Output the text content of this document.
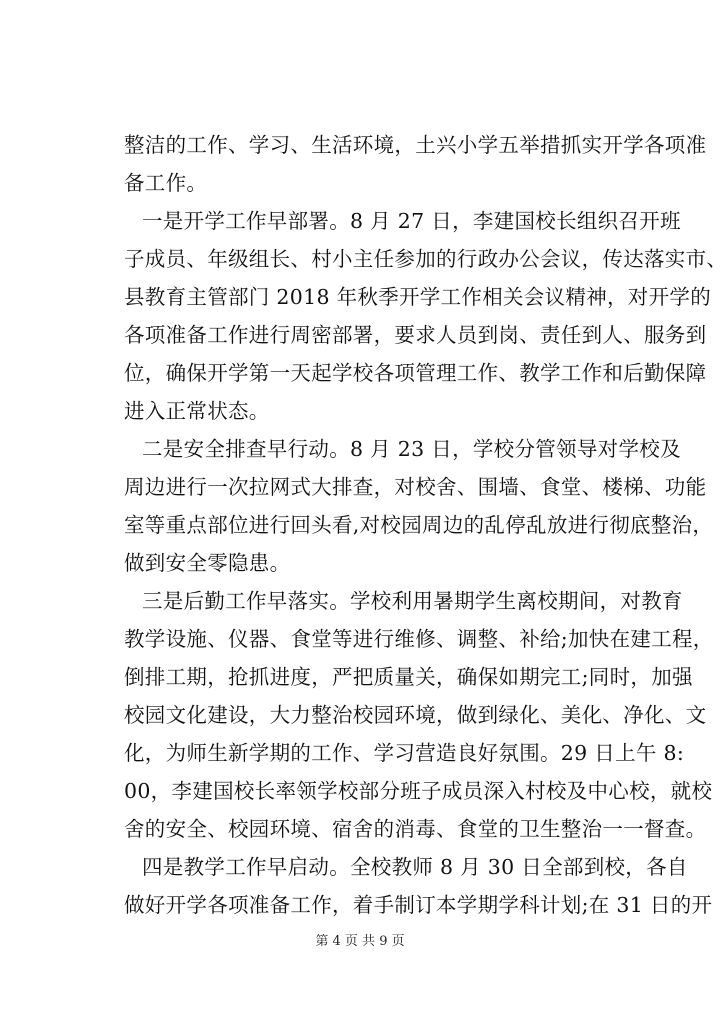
整洁的工作、学习、生活环境，土兴小学五举措抓实开学各项准
备工作。
一是开学工作早部署。8 月 27 日，李建国校长组织召开班
子成员、年级组长、村小主任参加的行政办公会议，传达落实市、
县教育主管部门 2018 年秋季开学工作相关会议精神，对开学的
各项准备工作进行周密部署，要求人员到岗、责任到人、服务到
位，确保开学第一天起学校各项管理工作、教学工作和后勤保障
进入正常状态。
二是安全排查早行动。8 月 23 日，学校分管领导对学校及
周边进行一次拉网式大排查，对校舍、围墙、食堂、楼梯、功能
室等重点部位进行回头看,对校园周边的乱停乱放进行彻底整治，
做到安全零隐患。
三是后勤工作早落实。学校利用暑期学生离校期间，对教育
教学设施、仪器、食堂等进行维修、调整、补给;加快在建工程，
倒排工期，抢抓进度，严把质量关，确保如期完工;同时，加强
校园文化建设，大力整治校园环境，做到绿化、美化、净化、文
化，为师生新学期的工作、学习营造良好氛围。29 日上午 8:
00，李建国校长率领学校部分班子成员深入村校及中心校，就校
舍的安全、校园环境、宿舍的消毒、食堂的卫生整治一一督查。
四是教学工作早启动。全校教师 8 月 30 日全部到校，各自
做好开学各项准备工作，着手制订本学期学科计划;在 31 日的开
第 4 页 共 9 页
